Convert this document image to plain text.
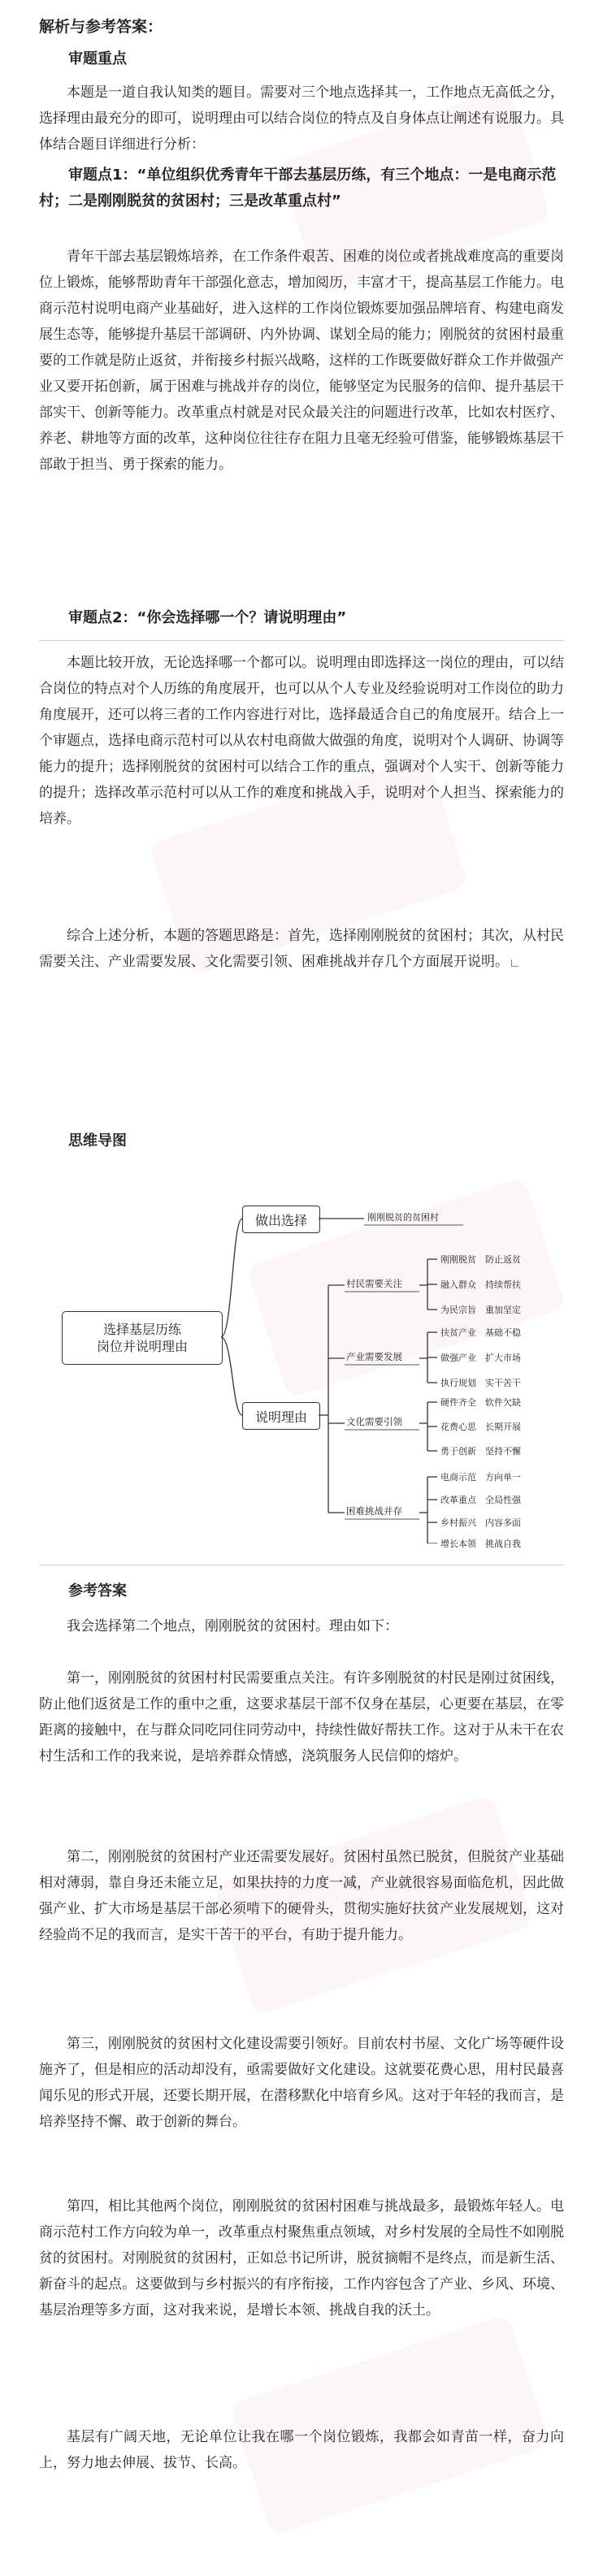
解析与参考答案：
审题重点
本题是一道自我认知类的题目。需要对三个地点选择其一，工作地点无高低之分，选择理由最充分的即可，说明理由可以结合岗位的特点及自身体点让阐述有说服力。具体结合题目详细进行分析：
审题点1：“单位组织优秀青年干部去基层历练，有三个地点：一是电商示范村；二是刚刚脱贫的贫困村；三是改革重点村”
青年干部去基层锻炼培养，在工作条件艰苦、困难的岗位或者挑战难度高的重要岗位上锻炼，能够帮助青年干部强化意志，增加阅历，丰富才干，提高基层工作能力。电商示范村说明电商产业基础好，进入这样的工作岗位锻炼要加强品牌培育、构建电商发展生态等，能够提升基层干部调研、内外协调、谋划全局的能力；刚脱贫的贫困村最重要的工作就是防止返贫，并衔接乡村振兴战略，这样的工作既要做好群众工作并做强产业又要开拓创新，属于困难与挑战并存的岗位，能够坚定为民服务的信仰、提升基层干部实干、创新等能力。改革重点村就是对民众最关注的问题进行改革，比如农村医疗、养老、耕地等方面的改革，这种岗位往往存在阻力且毫无经验可借鉴，能够锻炼基层干部敢于担当、勇于探索的能力。
审题点2：“你会选择哪一个？请说明理由”
本题比较开放，无论选择哪一个都可以。说明理由即选择这一岗位的理由，可以结合岗位的特点对个人历练的角度展开，也可以从个人专业及经验说明对工作岗位的助力角度展开，还可以将三者的工作内容进行对比，选择最适合自己的角度展开。结合上一个审题点，选择电商示范村可以从农村电商做大做强的角度，说明对个人调研、协调等能力的提升；选择刚脱贫的贫困村可以结合工作的重点，强调对个人实干、创新等能力的提升；选择改革示范村可以从工作的难度和挑战入手，说明对个人担当、探索能力的培养。
综合上述分析，本题的答题思路是：首先，选择刚刚脱贫的贫困村；其次，从村民需要关注、产业需要发展、文化需要引领、困难挑战并存几个方面展开说明。
思维导图
选择基层历练
岗位并说明理由
做出选择
说明理由
刚刚脱贫的贫困村
村民需要关注
刚刚脱贫　防止返贫
融入群众　持续帮扶
为民宗旨　重加坚定
产业需要发展
扶贫产业　基础不稳
做强产业　扩大市场
执行规划　实干苦干
文化需要引领
硬件齐全　软件欠缺
花费心思　长期开展
勇于创新　坚持不懈
困难挑战并存
电商示范　方向单一
改革重点　全局性强
乡村振兴　内容多面
增长本领　挑战自我
参考答案
我会选择第二个地点，刚刚脱贫的贫困村。理由如下：
第一，刚刚脱贫的贫困村村民需要重点关注。有许多刚脱贫的村民是刚过贫困线，防止他们返贫是工作的重中之重，这要求基层干部不仅身在基层，心更要在基层，在零距离的接触中，在与群众同吃同住同劳动中，持续性做好帮扶工作。这对于从未干在农村生活和工作的我来说，是培养群众情感，浇筑服务人民信仰的熔炉。
第二，刚刚脱贫的贫困村产业还需要发展好。贫困村虽然已脱贫，但脱贫产业基础相对薄弱，靠自身还未能立足，如果扶持的力度一减，产业就很容易面临危机，因此做强产业、扩大市场是基层干部必须啃下的硬骨头，贯彻实施好扶贫产业发展规划，这对经验尚不足的我而言，是实干苦干的平台，有助于提升能力。
第三，刚刚脱贫的贫困村文化建设需要引领好。目前农村书屋、文化广场等硬件设施齐了，但是相应的活动却没有，亟需要做好文化建设。这就要花费心思，用村民最喜闻乐见的形式开展，还要长期开展，在潜移默化中培育乡风。这对于年轻的我而言，是培养坚持不懈、敢于创新的舞台。
第四，相比其他两个岗位，刚刚脱贫的贫困村困难与挑战最多，最锻炼年轻人。电商示范村工作方向较为单一，改革重点村聚焦重点领域，对乡村发展的全局性不如刚脱贫的贫困村。对刚脱贫的贫困村，正如总书记所讲，脱贫摘帽不是终点，而是新生活、新奋斗的起点。这要做到与乡村振兴的有序衔接，工作内容包含了产业、乡风、环境、基层治理等多方面，这对我来说，是增长本领、挑战自我的沃土。
基层有广阔天地，无论单位让我在哪一个岗位锻炼，我都会如青苗一样，奋力向上，努力地去伸展、拔节、长高。
